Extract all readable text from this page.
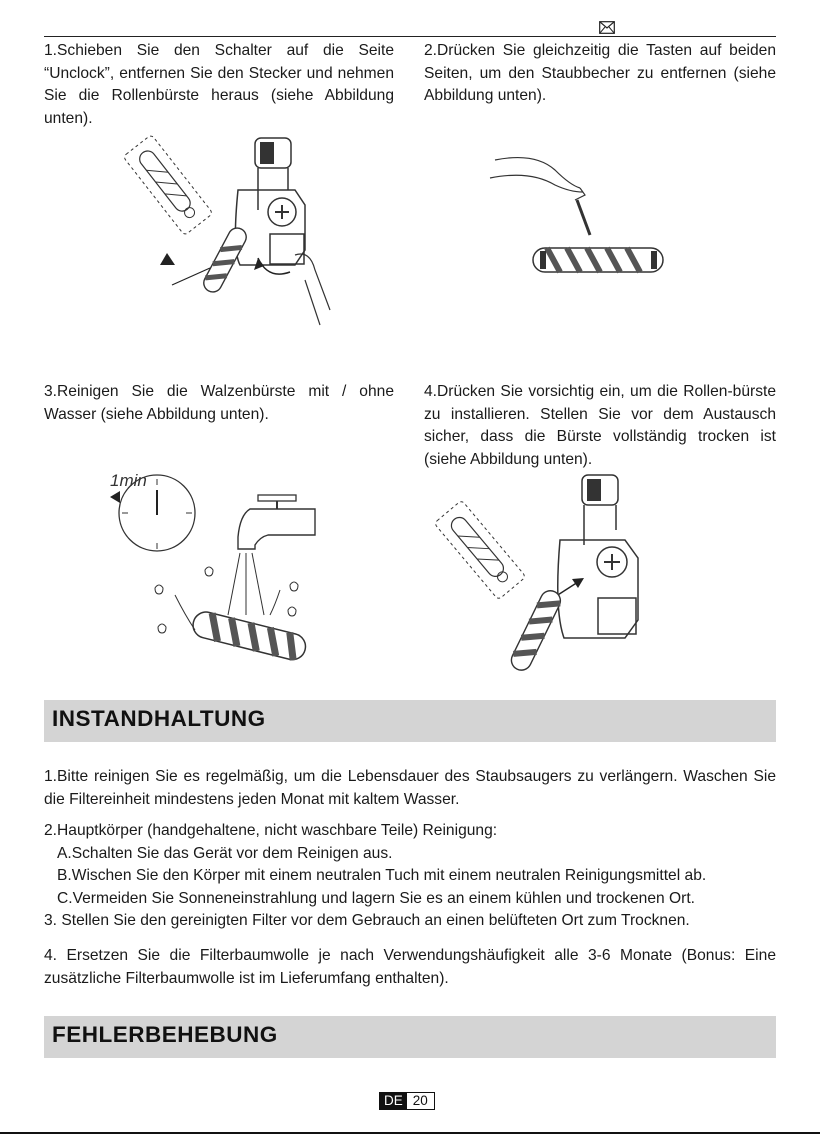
1.Schieben Sie den Schalter auf die Seite “Unclock”, entfernen Sie den Stecker und nehmen Sie die Rollenbürste heraus (siehe Abbildung unten).
2.Drücken Sie gleichzeitig die Tasten auf beiden Seiten, um den Staubbecher zu entfernen (siehe Abbildung unten).
3.Reinigen Sie die Walzenbürste mit / ohne Wasser (siehe Abbildung unten).
4.Drücken Sie vorsichtig ein, um die Rollen-bürste zu installieren. Stellen Sie vor dem Austausch sicher, dass die Bürste vollständig trocken ist (siehe Abbildung unten).
1min
INSTANDHALTUNG
1.Bitte reinigen Sie es regelmäßig, um die Lebensdauer des Staubsaugers zu verlängern. Waschen Sie die Filtereinheit mindestens jeden Monat mit kaltem Wasser.
2.Hauptkörper (handgehaltene, nicht waschbare Teile) Reinigung:
A.Schalten Sie das Gerät vor dem Reinigen aus.
B.Wischen Sie den Körper mit einem neutralen Tuch mit einem neutralen Reinigungsmittel ab.
C.Vermeiden Sie Sonneneinstrahlung und lagern Sie es an einem kühlen und trockenen Ort.
3. Stellen Sie den gereinigten Filter vor dem Gebrauch an einen belüfteten Ort zum Trocknen.
4. Ersetzen Sie die Filterbaumwolle je nach Verwendungshäufigkeit alle 3-6 Monate (Bonus: Eine zusätzliche Filterbaumwolle ist im Lieferumfang enthalten).
FEHLERBEHEBUNG
DE 20
